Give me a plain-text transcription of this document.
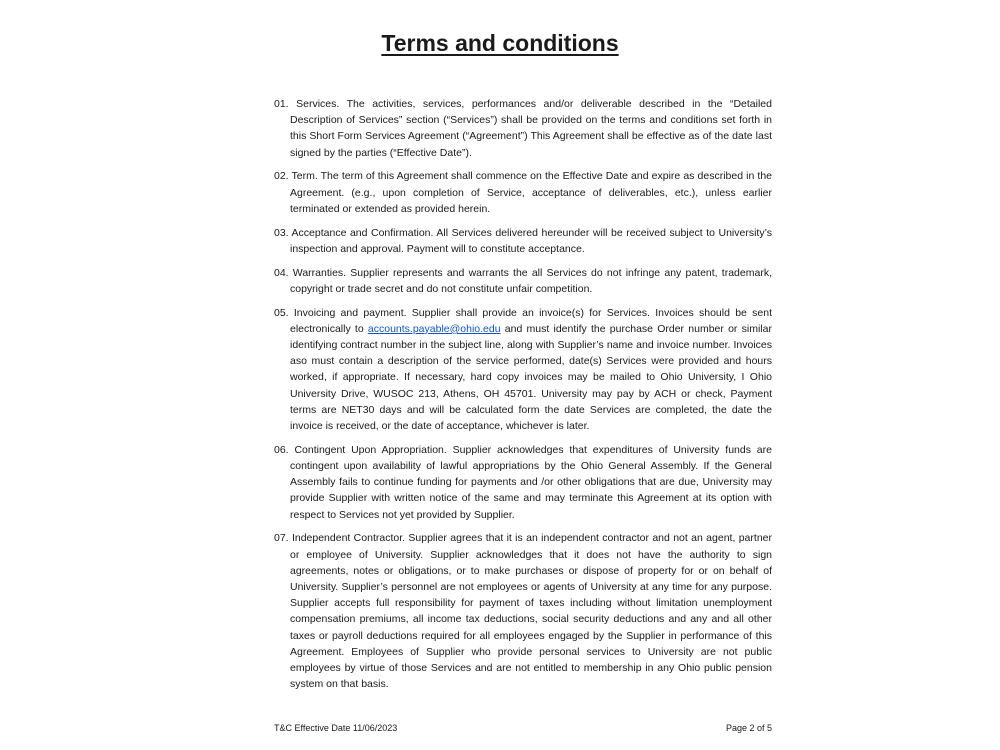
Terms and conditions

01. Services. The activities, services, performances and/or deliverable described in the “Detailed Description of Services” section (“Services”) shall be provided on the terms and conditions set forth in this Short Form Services Agreement (“Agreement”) This Agreement shall be effective as of the date last signed by the parties (“Effective Date”).

02. Term. The term of this Agreement shall commence on the Effective Date and expire as described in the Agreement. (e.g., upon completion of Service, acceptance of deliverables, etc.), unless earlier terminated or extended as provided herein.

03. Acceptance and Confirmation. All Services delivered hereunder will be received subject to University’s inspection and approval. Payment will to constitute acceptance.

04. Warranties. Supplier represents and warrants the all Services do not infringe any patent, trademark, copyright or trade secret and do not constitute unfair competition.

05. Invoicing and payment. Supplier shall provide an invoice(s) for Services. Invoices should be sent electronically to accounts.payable@ohio.edu and must identify the purchase Order number or similar identifying contract number in the subject line, along with Supplier’s name and invoice number. Invoices aso must contain a description of the service performed, date(s) Services were provided and hours worked, if appropriate. If necessary, hard copy invoices may be mailed to Ohio University, I Ohio University Drive, WUSOC 213, Athens, OH 45701. University may pay by ACH or check, Payment terms are NET30 days and will be calculated form the date Services are completed, the date the invoice is received, or the date of acceptance, whichever is later.

06. Contingent Upon Appropriation. Supplier acknowledges that expenditures of University funds are contingent upon availability of lawful appropriations by the Ohio General Assembly. If the General Assembly fails to continue funding for payments and /or other obligations that are due, University may provide Supplier with written notice of the same and may terminate this Agreement at its option with respect to Services not yet provided by Supplier.

07. Independent Contractor. Supplier agrees that it is an independent contractor and not an agent, partner or employee of University. Supplier acknowledges that it does not have the authority to sign agreements, notes or obligations, or to make purchases or dispose of property for or on behalf of University. Supplier’s personnel are not employees or agents of University at any time for any purpose. Supplier accepts full responsibility for payment of taxes including without limitation unemployment compensation premiums, all income tax deductions, social security deductions and any and all other taxes or payroll deductions required for all employees engaged by the Supplier in performance of this Agreement. Employees of Supplier who provide personal services to University are not public employees by virtue of those Services and are not entitled to membership in any Ohio public pension system on that basis.

T&C Effective Date 11/06/2023	Page 2 of 5
